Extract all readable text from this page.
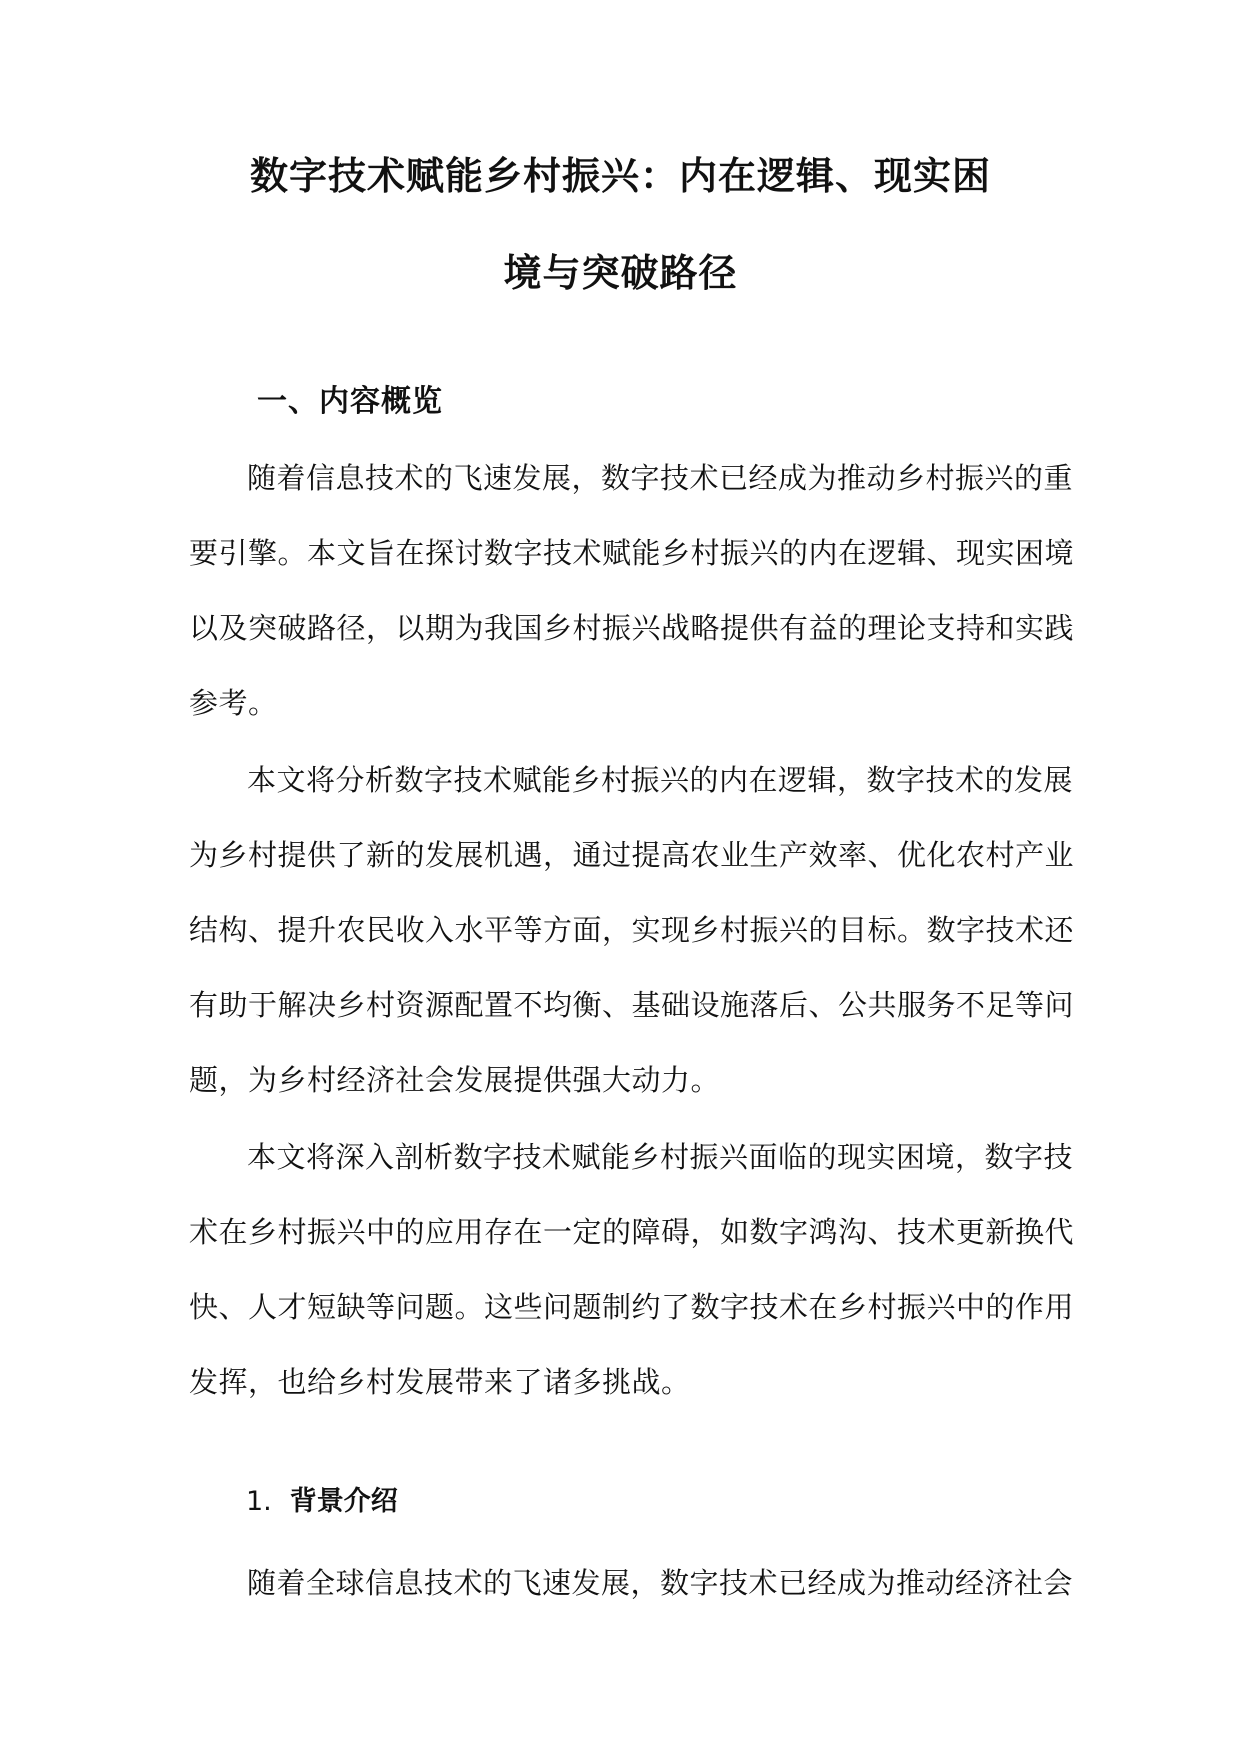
数字技术赋能乡村振兴：内在逻辑、现实困
境与突破路径
一、内容概览
随着信息技术的飞速发展，数字技术已经成为推动乡村振兴的重
要引擎。本文旨在探讨数字技术赋能乡村振兴的内在逻辑、现实困境
以及突破路径，以期为我国乡村振兴战略提供有益的理论支持和实践
参考。
本文将分析数字技术赋能乡村振兴的内在逻辑，数字技术的发展
为乡村提供了新的发展机遇，通过提高农业生产效率、优化农村产业
结构、提升农民收入水平等方面，实现乡村振兴的目标。数字技术还
有助于解决乡村资源配置不均衡、基础设施落后、公共服务不足等问
题，为乡村经济社会发展提供强大动力。
本文将深入剖析数字技术赋能乡村振兴面临的现实困境，数字技
术在乡村振兴中的应用存在一定的障碍，如数字鸿沟、技术更新换代
快、人才短缺等问题。这些问题制约了数字技术在乡村振兴中的作用
发挥，也给乡村发展带来了诸多挑战。
1. 背景介绍
随着全球信息技术的飞速发展，数字技术已经成为推动经济社会
